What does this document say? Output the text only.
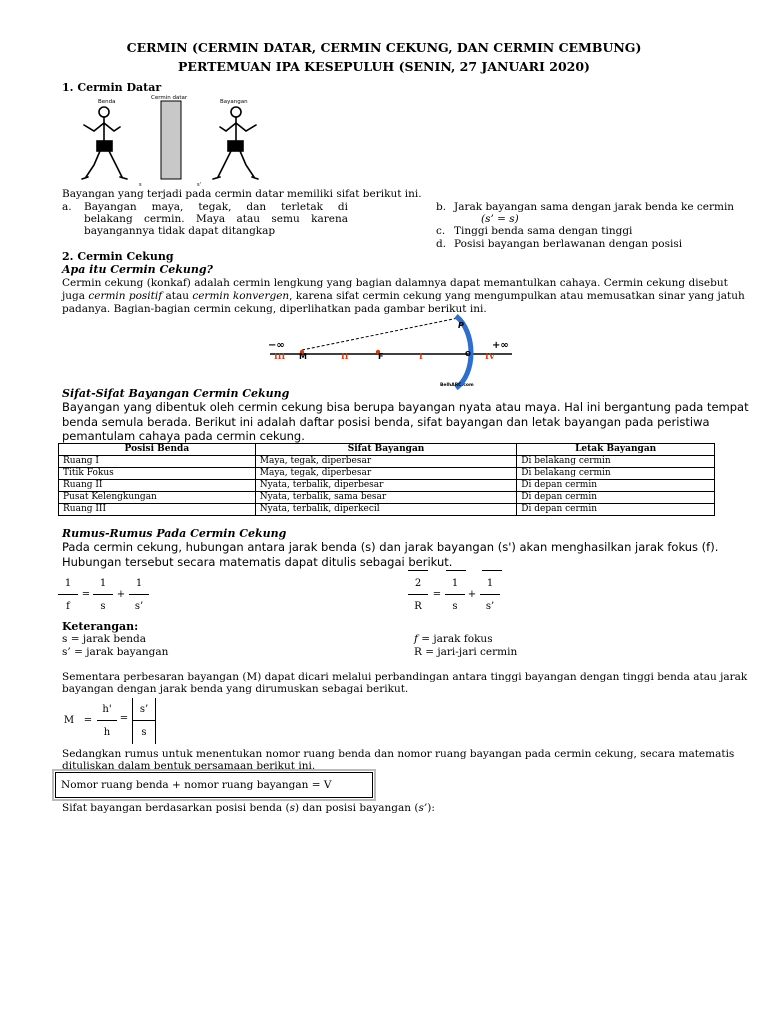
CERMIN (CERMIN DATAR, CERMIN CEKUNG, DAN CERMIN CEMBUNG)
PERTEMUAN IPA KESEPULUH (SENIN, 27 JANUARI 2020)
1. Cermin Datar
Benda
Cermin datar
Bayangan
s	s'
Bayangan yang terjadi pada cermin datar memiliki sifat berikut ini.
a. Bayangan maya, tegak, dan terletak di
belakang cermin. Maya atau semu karena
bayangannya tidak dapat ditangkap
b. Jarak bayangan sama dengan jarak benda ke cermin
(s’ = s)
c. Tinggi benda sama dengan tinggi
d. Posisi bayangan berlawanan dengan posisi
2. Cermin Cekung
Apa itu Cermin Cekung?
Cermin cekung (konkaf) adalah cermin lengkung yang bagian dalamnya dapat memantulkan cahaya. Cermin cekung disebut
juga cermin positif atau cermin konvergen, karena sifat cermin cekung yang mengumpulkan atau memusatkan sinar yang jatuh
padanya. Bagian-bagian cermin cekung, diperlihatkan pada gambar berikut ini.
−∞	+∞
III M	II	F	I	O IV
P
BelhARC.com
Sifat-Sifat Bayangan Cermin Cekung
Bayangan yang dibentuk oleh cermin cekung bisa berupa bayangan nyata atau maya. Hal ini bergantung pada tempat
benda semula berada. Berikut ini adalah daftar posisi benda, sifat bayangan dan letak bayangan pada peristiwa
pemantulam cahaya pada cermin cekung.
Posisi Benda	Sifat Bayangan	Letak Bayangan
Ruang I	Maya, tegak, diperbesar	Di belakang cermin
Titik Fokus	Maya, tegak, diperbesar	Di belakang cermin
Ruang II	Nyata, terbalik, diperbesar	Di depan cermin
Pusat Kelengkungan	Nyata, terbalik, sama besar	Di depan cermin
Ruang III	Nyata, terbalik, diperkecil	Di depan cermin
Rumus-Rumus Pada Cermin Cekung
Pada cermin cekung, hubungan antara jarak benda (s) dan jarak bayangan (s') akan menghasilkan jarak fokus (f).
Hubungan tersebut secara matematis dapat ditulis sebagai berikut.
1
f
=
1
s
+
1
s’
2
R
=
1
s
+
1
s’
Keterangan:
s = jarak benda
s’ = jarak bayangan
f = jarak fokus
R = jari-jari cermin
Sementara perbesaran bayangan (M) dapat dicari melalui perbandingan antara tinggi bayangan dengan tinggi benda atau jarak
bayangan dengan jarak benda yang dirumuskan sebagai berikut.
M =
h'
h
=
s’
s
Sedangkan rumus untuk menentukan nomor ruang benda dan nomor ruang bayangan pada cermin cekung, secara matematis
dituliskan dalam bentuk persamaan berikut ini.
Nomor ruang benda + nomor ruang bayangan = V
Sifat bayangan berdasarkan posisi benda (s) dan posisi bayangan (s’):
